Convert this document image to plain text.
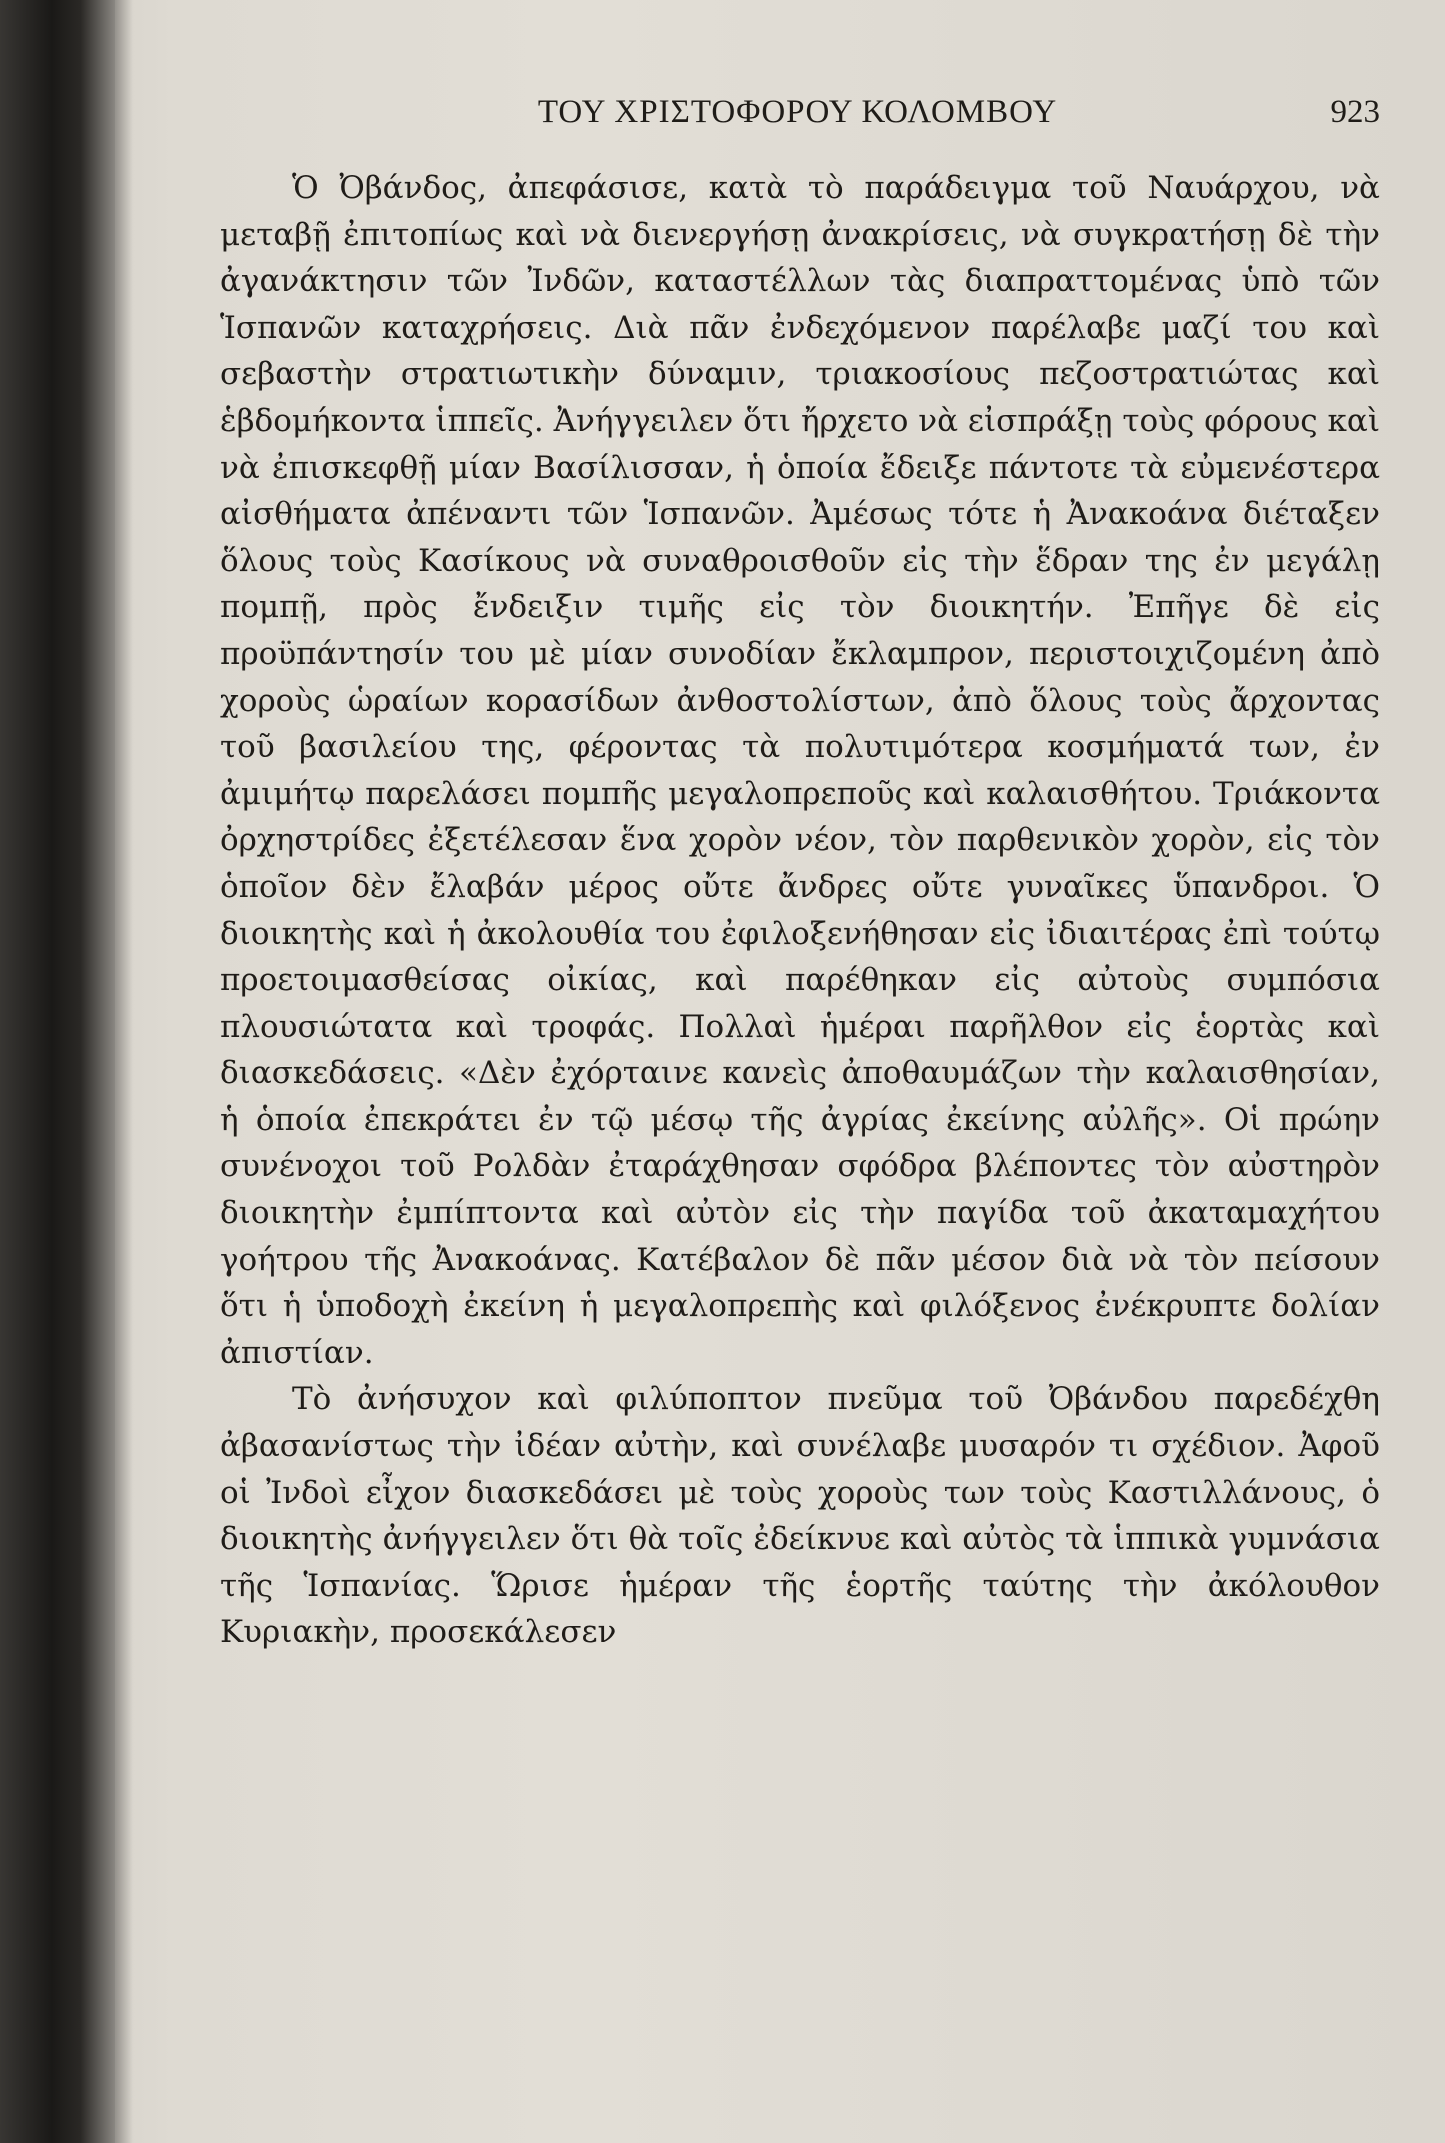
ΤΟΥ ΧΡΙΣΤΟΦΟΡΟΥ ΚΟΛΟΜΒΟΥ	923

Ὁ Ὀβάνδος, ἀπεφάσισε, κατὰ τὸ παράδειγμα τοῦ Ναυάρχου, νὰ μεταβῇ ἐπιτοπίως καὶ νὰ διενεργήσῃ ἀνακρίσεις, νὰ συγκρατήσῃ δὲ τὴν ἀγανάκτησιν τῶν Ἰνδῶν, καταστέλλων τὰς διαπραττομένας ὑπὸ τῶν Ἱσπανῶν καταχρήσεις. Διὰ πᾶν ἐνδεχόμενον παρέλαβε μαζί του καὶ σεβαστὴν στρατιωτικὴν δύναμιν, τριακοσίους πεζοστρατιώτας καὶ ἑβδομήκοντα ἱππεῖς. Ἀνήγγειλεν ὅτι ἤρχετο νὰ εἰσπράξῃ τοὺς φόρους καὶ νὰ ἐπισκεφθῇ μίαν Βασίλισσαν, ἡ ὁποία ἔδειξε πάντοτε τὰ εὐμενέστερα αἰσθήματα ἀπέναντι τῶν Ἱσπανῶν. Ἀμέσως τότε ἡ Ἀνακοάνα διέταξεν ὅλους τοὺς Κασίκους νὰ συναθροισθοῦν εἰς τὴν ἕδραν της ἐν μεγάλῃ πομπῇ, πρὸς ἔνδειξιν τιμῆς εἰς τὸν διοικητήν. Ἐπῆγε δὲ εἰς προϋπάντησίν του μὲ μίαν συνοδίαν ἔκλαμπρον, περιστοιχιζομένη ἀπὸ χοροὺς ὡραίων κορασίδων ἀνθοστολίστων, ἀπὸ ὅλους τοὺς ἄρχοντας τοῦ βασιλείου της, φέροντας τὰ πολυτιμότερα κοσμήματά των, ἐν ἀμιμήτῳ παρελάσει πομπῆς μεγαλοπρεποῦς καὶ καλαισθήτου. Τριάκοντα ὀρχηστρίδες ἐξετέλεσαν ἕνα χορὸν νέον, τὸν παρθενικὸν χορὸν, εἰς τὸν ὁποῖον δὲν ἔλαβάν μέρος οὔτε ἄνδρες οὔτε γυναῖκες ὕπανδροι. Ὁ διοικητὴς καὶ ἡ ἀκολουθία του ἐφιλοξενήθησαν εἰς ἰδιαιτέρας ἐπὶ τούτῳ προετοιμασθείσας οἰκίας, καὶ παρέθηκαν εἰς αὐτοὺς συμπόσια πλουσιώτατα καὶ τροφάς. Πολλαὶ ἡμέραι παρῆλθον εἰς ἑορτὰς καὶ διασκεδάσεις. «Δὲν ἐχόρταινε κανεὶς ἀποθαυμάζων τὴν καλαισθησίαν, ἡ ὁποία ἐπεκράτει ἐν τῷ μέσῳ τῆς ἀγρίας ἐκείνης αὐλῆς». Οἱ πρώην συνένοχοι τοῦ Ρολδὰν ἐταράχθησαν σφόδρα βλέποντες τὸν αὐστηρὸν διοικητὴν ἐμπίπτοντα καὶ αὐτὸν εἰς τὴν παγίδα τοῦ ἀκαταμαχήτου γοήτρου τῆς Ἀνακοάνας. Κατέβαλον δὲ πᾶν μέσον διὰ νὰ τὸν πείσουν ὅτι ἡ ὑποδοχὴ ἐκείνη ἡ μεγαλοπρεπὴς καὶ φιλόξενος ἐνέκρυπτε δολίαν ἀπιστίαν.

Τὸ ἀνήσυχον καὶ φιλύποπτον πνεῦμα τοῦ Ὀβάνδου παρεδέχθη ἀβασανίστως τὴν ἰδέαν αὐτὴν, καὶ συνέλαβε μυσαρόν τι σχέδιον. Ἀφοῦ οἱ Ἰνδοὶ εἶχον διασκεδάσει μὲ τοὺς χοροὺς των τοὺς Καστιλλάνους, ὁ διοικητὴς ἀνήγγειλεν ὅτι θὰ τοῖς ἐδείκνυε καὶ αὐτὸς τὰ ἱππικὰ γυμνάσια τῆς Ἱσπανίας. Ὥρισε ἡμέραν τῆς ἑορτῆς ταύτης τὴν ἀκόλουθον Κυριακὴν, προσεκάλεσεν
